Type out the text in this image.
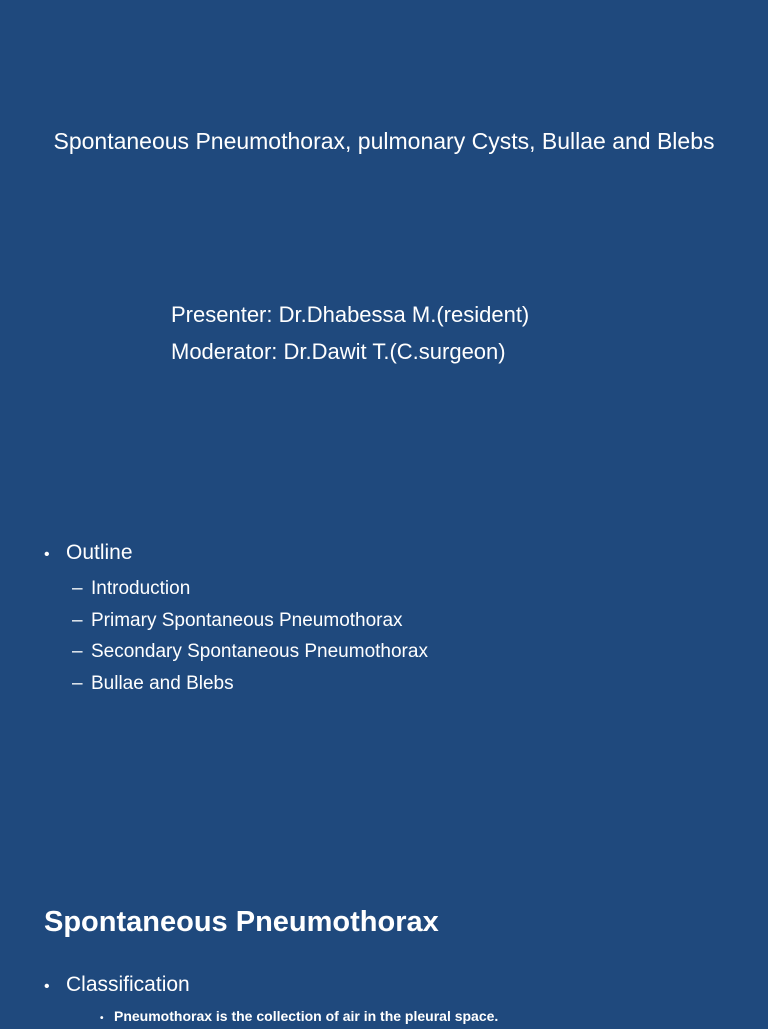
Spontaneous Pneumothorax, pulmonary Cysts, Bullae and Blebs
Presenter: Dr.Dhabessa M.(resident)
Moderator: Dr.Dawit T.(C.surgeon)
• Outline
– Introduction
– Primary Spontaneous Pneumothorax
– Secondary Spontaneous Pneumothorax
– Bullae and Blebs
Spontaneous Pneumothorax
• Classification
• Pneumothorax is the collection of air in the pleural space.
